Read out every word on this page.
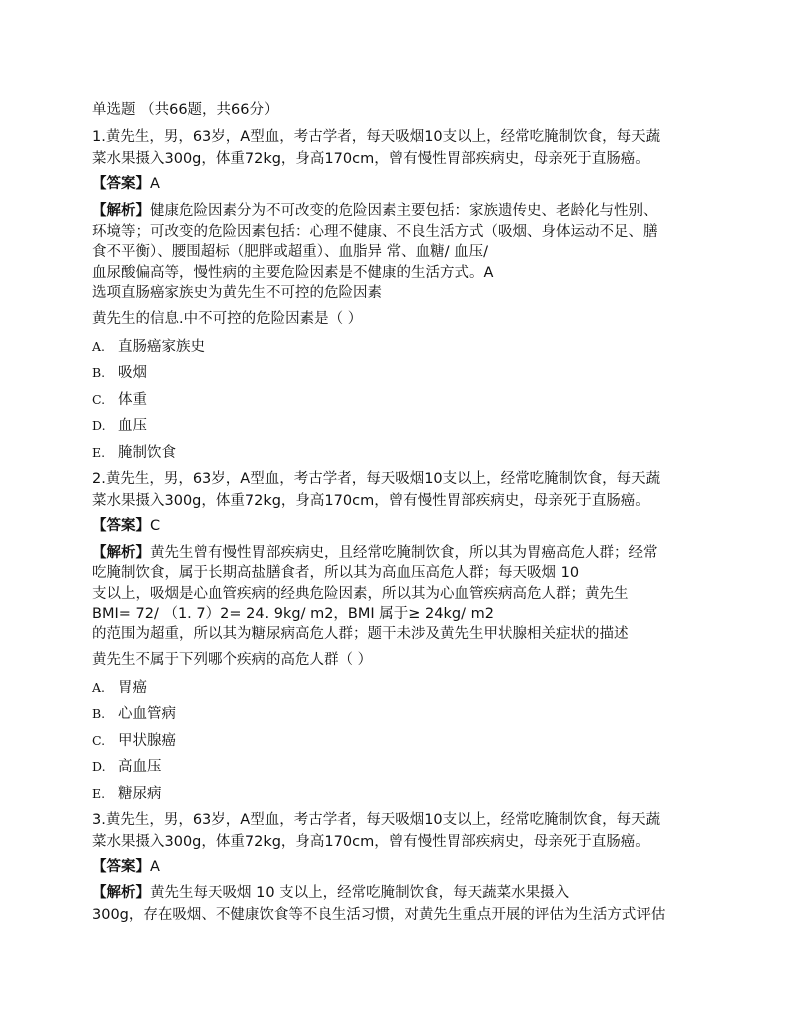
单选题 （共66题，共66分）
1.黄先生，男，63岁，A型血，考古学者，每天吸烟10支以上，经常吃腌制饮食，每天蔬
菜水果摄入300g，体重72kg，身高170cm，曾有慢性胃部疾病史，母亲死于直肠癌。
【答案】A
【解析】健康危险因素分为不可改变的危险因素主要包括：家族遗传史、老龄化与性别、
环境等；可改变的危险因素包括：心理不健康、不良生活方式（吸烟、身体运动不足、膳
食不平衡）、腰围超标（肥胖或超重）、血脂异 常、血糖/ 血压/
血尿酸偏高等，慢性病的主要危险因素是不健康的生活方式。A
选项直肠癌家族史为黄先生不可控的危险因素
黄先生的信息.中不可控的危险因素是（ ）
A. 直肠癌家族史
B. 吸烟
C. 体重
D. 血压
E. 腌制饮食
2.黄先生，男，63岁，A型血，考古学者，每天吸烟10支以上，经常吃腌制饮食，每天蔬
菜水果摄入300g，体重72kg，身高170cm，曾有慢性胃部疾病史，母亲死于直肠癌。
【答案】C
【解析】黄先生曾有慢性胃部疾病史，且经常吃腌制饮食，所以其为胃癌高危人群；经常
吃腌制饮食，属于长期高盐膳食者，所以其为高血压高危人群；每天吸烟 10
支以上，吸烟是心血管疾病的经典危险因素，所以其为心血管疾病高危人群；黄先生
BMI= 72/ （1. 7）2= 24. 9kg/ m2，BMI 属于≥ 24kg/ m2
的范围为超重，所以其为糖尿病高危人群；题干未涉及黄先生甲状腺相关症状的描述
黄先生不属于下列哪个疾病的高危人群（ ）
A. 胃癌
B. 心血管病
C. 甲状腺癌
D. 高血压
E. 糖尿病
3.黄先生，男，63岁，A型血，考古学者，每天吸烟10支以上，经常吃腌制饮食，每天蔬
菜水果摄入300g，体重72kg，身高170cm，曾有慢性胃部疾病史，母亲死于直肠癌。
【答案】A
【解析】黄先生每天吸烟 10 支以上，经常吃腌制饮食，每天蔬菜水果摄入
300g，存在吸烟、不健康饮食等不良生活习惯，对黄先生重点开展的评估为生活方式评估
